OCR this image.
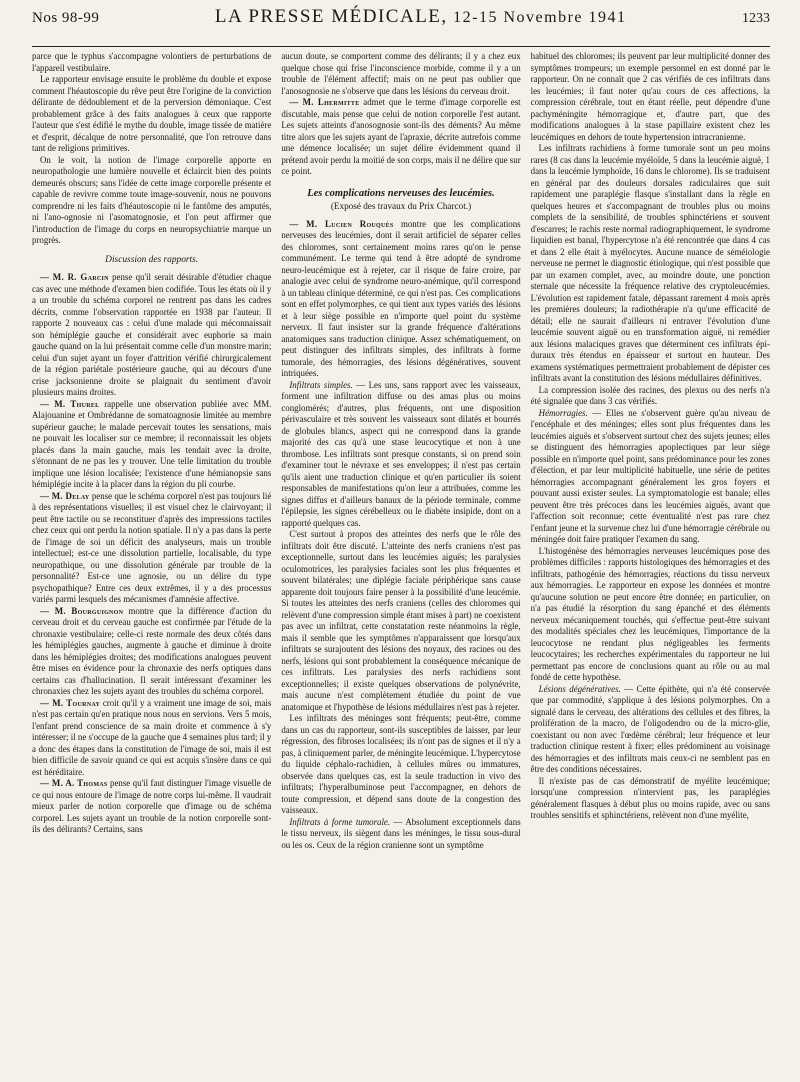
Nos 98-99	LA PRESSE MÉDICALE, 12-15 Novembre 1941	1233

parce que le typhus s'accompagne volontiers de perturbations de l'appareil vestibulaire.

Le rapporteur envisage ensuite le problème du double et expose comment l'héautoscopie du rêve peut être l'origine de la conviction délirante de dédoublement et de la perversion démoniaque. C'est probablement grâce à des faits analogues à ceux que rapporte l'auteur que s'est édifié le mythe du double, image tissée de matière et d'esprit, décalque de notre personnalité, que l'on retrouve dans tant de religions primitives.

On le voit, la notion de l'image corporelle apporte en neuropathologie une lumière nouvelle et éclaircit bien des points demeurés obscurs; sans l'idée de cette image corporelle présente et capable de revivre comme toute image-souvenir, nous ne pouvons comprendre ni les faits d'héautoscopie ni le fantôme des amputés, ni l'ano-ognosie ni l'asomatognosie, et l'on peut affirmer que l'introduction de l'image du corps en neuropsychiatrie marque un progrès.

Discussion des rapports.

— M. R. Garcin pense qu'il serait désirable d'étudier chaque cas avec une méthode d'examen bien codifiée. Tous les états où il y a un trouble du schéma corporel ne rentrent pas dans les cadres décrits, comme l'observation rapportée en 1938 par l'auteur. Il rapporte 2 nouveaux cas : celui d'une malade qui méconnaissait son hémiplégie gauche et considérait avec euphorie sa main gauche quand on la lui présentait comme celle d'un monstre marin; celui d'un sujet ayant un foyer d'attrition vérifié chirurgicalement de la région pariétale postérieure gauche, qui au décours d'une crise jacksonienne droite se plaignait du sentiment d'avoir plusieurs mains droites.

— M. Thurel rappelle une observation publiée avec MM. Alajouanine et Ombrédanne de somatoagnosie limitée au membre supérieur gauche; le malade percevait toutes les sensations, mais ne pouvait les localiser sur ce membre; il reconnaissait les objets placés dans la main gauche, mais les tendait avec la droite, s'étonnant de ne pas les y trouver. Une telle limitation du trouble implique une lésion localisée; l'existence d'une hémianopsie sans hémiplégie incite à la placer dans la région du pli courbe.

— M. Delay pense que le schéma corporel n'est pas toujours lié à des représentations visuelles; il est visuel chez le clairvoyant; il peut être tactile ou se reconstituer d'après des impressions tactiles chez ceux qui ont perdu la notion spatiale. Il n'y a pas dans la perte de l'image de soi un déficit des analyseurs, mais un trouble intellectuel; est-ce une dissolution partielle, localisable, du type neuropathique, ou une dissolution générale par trouble de la personnalité? Est-ce une agnosie, ou un délire du type psychopathique? Entre ces deux extrêmes, il y a des processus variés parmi lesquels des mécanismes d'amnésie affective.

— M. Bourguignon montre que la différence d'action du cerveau droit et du cerveau gauche est confirmée par l'étude de la chronaxie vestibulaire; celle-ci reste normale des deux côtés dans les hémiplégies gauches, augmente à gauche et diminue à droite dans les hémiplégies droites; des modifications analogues peuvent être mises en évidence pour la chronaxie des nerfs optiques dans certains cas d'hallucination. Il serait intéressant d'examiner les chronaxies chez les sujets ayant des troubles du schéma corporel.

— M. Tournay croit qu'il y a vraiment une image de soi, mais n'est pas certain qu'en pratique nous nous en servions. Vers 5 mois, l'enfant prend conscience de sa main droite et commence à s'y intéresser; il ne s'occupe de la gauche que 4 semaines plus tard; il y a donc des étapes dans la constitution de l'image de soi, mais il est bien difficile de savoir quand ce qui est acquis s'insère dans ce qui est héréditaire.

— M. A. Thomas pense qu'il faut distinguer l'image visuelle de ce qui nous entoure de l'image de notre corps lui-même. Il vaudrait mieux parler de notion corporelle que d'image ou de schéma corporel. Les sujets ayant un trouble de la notion corporelle sont-ils des délirants? Certains, sans

aucun doute, se comportent comme des délirants; il y a chez eux quelque chose qui frise l'inconscience morbide, comme il y a un trouble de l'élément affectif; mais on ne peut pas oublier que l'anosognosie ne s'observe que dans les lésions du cerveau droit.

— M. Lhermitte admet que le terme d'image corporelle est discutable, mais pense que celui de notion corporelle l'est autant. Les sujets atteints d'anosognosie sont-ils des déments? Au même titre alors que les sujets ayant de l'apraxie, décrite autrefois comme une démence localisée; un sujet délire évidemment quand il prétend avoir perdu la moitié de son corps, mais il ne délire que sur ce point.

Les complications nerveuses des leucémies.
(Exposé des travaux du Prix Charcot.)

— M. Lucien Rouquès montre que les complications nerveuses des leucémies, dont il serait artificiel de séparer celles des chloromes, sont certainement moins rares qu'on le pense communément. Le terme qui tend à être adopté de syndrome neuro-leucémique est à rejeter, car il risque de faire croire, par analogie avec celui de syndrome neuro-anémique, qu'il correspond à un tableau clinique déterminé, ce qui n'est pas. Ces complications sont en effet polymorphes, ce qui tient aux types variés des lésions et à leur siège possible en n'importe quel point du système nerveux. Il faut insister sur la grande fréquence d'altérations anatomiques sans traduction clinique. Assez schématiquement, on peut distinguer des infiltrats simples, des infiltrats à forme tumorale, des hémorragies, des lésions dégénératives, souvent intriquées.

Infiltrats simples. — Les uns, sans rapport avec les vaisseaux, forment une infiltration diffuse ou des amas plus ou moins conglomérés; d'autres, plus fréquents, ont une disposition périvasculaire et très souvent les vaisseaux sont dilatés et bourrés de globules blancs, aspect qui ne correspond dans la grande majorité des cas qu'à une stase leucocytique et non à une thrombose. Les infiltrats sont presque constants, si on prend soin d'examiner tout le névraxe et ses enveloppes; il n'est pas certain qu'ils aient une traduction clinique et qu'en particulier ils soient responsables de manifestations qu'on leur a attribuées, comme les signes diffus et d'ailleurs banaux de la période terminale, comme l'épilepsie, les signes cérébelleux ou le diabète insipide, dont on a rapporté quelques cas.

C'est surtout à propos des atteintes des nerfs que le rôle des infiltrats doit être discuté. L'atteinte des nerfs craniens n'est pas exceptionnelle, surtout dans les leucémies aiguës; les paralysies oculomotrices, les paralysies faciales sont les plus fréquentes et souvent bilatérales; une diplégie faciale périphérique sans cause apparente doit toujours faire penser à la possibilité d'une leucémie. Si toutes les atteintes des nerfs craniens (celles des chloromes qui relèvent d'une compression simple étant mises à part) ne coexistent pas avec un infiltrat, cette constatation reste néanmoins la règle, mais il semble que les symptômes n'apparaissent que lorsqu'aux infiltrats se surajoutent des lésions des noyaux, des racines ou des nerfs, lésions qui sont probablement la conséquence mécanique de ces infiltrats. Les paralysies des nerfs rachidiens sont exceptionnelles; il existe quelques observations de polynévrite, mais aucune n'est complètement étudiée du point de vue anatomique et l'hypothèse de lésions médullaires n'est pas à rejeter.

Les infiltrats des méninges sont fréquents; peut-être, comme dans un cas du rapporteur, sont-ils susceptibles de laisser, par leur régression, des fibroses localisées; ils n'ont pas de signes et il n'y a pas, à cliniquement parler, de méningite leucémique. L'hypercytose du liquide céphalo-rachidien, à cellules mûres ou immatures, observée dans quelques cas, est la seule traduction in vivo des infiltrats; l'hyperalbuminose peut l'accompagner, en dehors de toute compression, et dépend sans doute de la congestion des vaisseaux.

Infiltrats à forme tumorale. — Absolument exceptionnels dans le tissu nerveux, ils siègent dans les méninges, le tissu sous-dural ou les os. Ceux de la région cranienne sont un symptôme

habituel des chloromes; ils peuvent par leur multiplicité donner des symptômes trompeurs; un exemple personnel en est donné par le rapporteur. On ne connaît que 2 cas vérifiés de ces infiltrats dans les leucémies; il faut noter qu'au cours de ces affections, la compression cérébrale, tout en étant réelle, peut dépendre d'une pachyméningite hémorragique et, d'autre part, que des modifications analogues à la stase papillaire existent chez les leucémiques en dehors de toute hypertension intracranienne.

Les infiltrats rachidiens à forme tumorale sont un peu moins rares (8 cas dans la leucémie myéloïde, 5 dans la leucémie aiguë, 1 dans la leucémie lymphoïde, 16 dans le chlorome). Ils se traduisent en général par des douleurs dorsales radiculaires que suit rapidement une paraplégie flasque s'installant dans la règle en quelques heures et s'accompagnant de troubles plus ou moins complets de la sensibilité, de troubles sphinctériens et souvent d'escarres; le rachis reste normal radiographiquement, le syndrome liquidien est banal, l'hypercytose n'a été rencontrée que dans 4 cas et dans 2 elle était à myélocytes. Aucune nuance de séméiologie nerveuse ne permet le diagnostic étiologique, qui n'est possible que par un examen complet, avec, au moindre doute, une ponction sternale que nécessite la fréquence relative des cryptoleucémies. L'évolution est rapidement fatale, dépassant rarement 4 mois après les premières douleurs; la radiothérapie n'a qu'une efficacité de détail; elle ne saurait d'ailleurs ni entraver l'évolution d'une leucémie souvent aiguë ou en transformation aiguë, ni remédier aux lésions malaciques graves que déterminent ces infiltrats épi-duraux très étendus en épaisseur et surtout en hauteur. Des examens systématiques permettraient probablement de dépister ces infiltrats avant la constitution des lésions médullaires définitives.

La compression isolée des racines, des plexus ou des nerfs n'a été signalée que dans 3 cas vérifiés.

Hémorragies. — Elles ne s'observent guère qu'au niveau de l'encéphale et des méninges; elles sont plus fréquentes dans les leucémies aiguës et s'observent surtout chez des sujets jeunes; elles se distinguent des hémorragies apoplectiques par leur siège possible en n'importe quel point, sans prédominance pour les zones d'élection, et par leur multiplicité habituelle, une série de petites hémorragies accompagnant généralement les gros foyers et pouvant aussi exister seules. La symptomatologie est banale; elles peuvent être très précoces dans les leucémies aiguës, avant que l'affection soit reconnue; cette éventualité n'est pas rare chez l'enfant jeune et la survenue chez lui d'une hémorragie cérébrale ou méningée doit faire pratiquer l'examen du sang.

L'histogénèse des hémorragies nerveuses leucémiques pose des problèmes difficiles : rapports histologiques des hémorragies et des infiltrats, pathogénie des hémorragies, réactions du tissu nerveux aux hémorragies. Le rapporteur en expose les données et montre qu'aucune solution ne peut encore être donnée; en particulier, on n'a pas étudié la résorption du sang épanché et des éléments nerveux mécaniquement touchés, qui s'effectue peut-être suivant des modalités spéciales chez les leucémiques, l'importance de la leucocytose ne rendant plus négligeables les ferments leucocytaires; les recherches expérimentales du rapporteur ne lui permettant pas encore de conclusions quant au rôle ou au mal fondé de cette hypothèse.

Lésions dégénératives. — Cette épithète, qui n'a été conservée que par commodité, s'applique à des lésions polymorphes. On a signalé dans le cerveau, des altérations des cellules et des fibres, la prolifération de la macro, de l'oligodendro ou de la micro-glie, coexistant ou non avec l'œdème cérébral; leur fréquence et leur traduction clinique restent à fixer; elles prédominent au voisinage des hémorragies et des infiltrats mais ceux-ci ne semblent pas en être des conditions nécessaires.

Il n'existe pas de cas démonstratif de myélite leucémique; lorsqu'une compression n'intervient pas, les paraplégies généralement flasques à début plus ou moins rapide, avec ou sans troubles sensitifs et sphinctériens, relèvent non d'une myélite,
